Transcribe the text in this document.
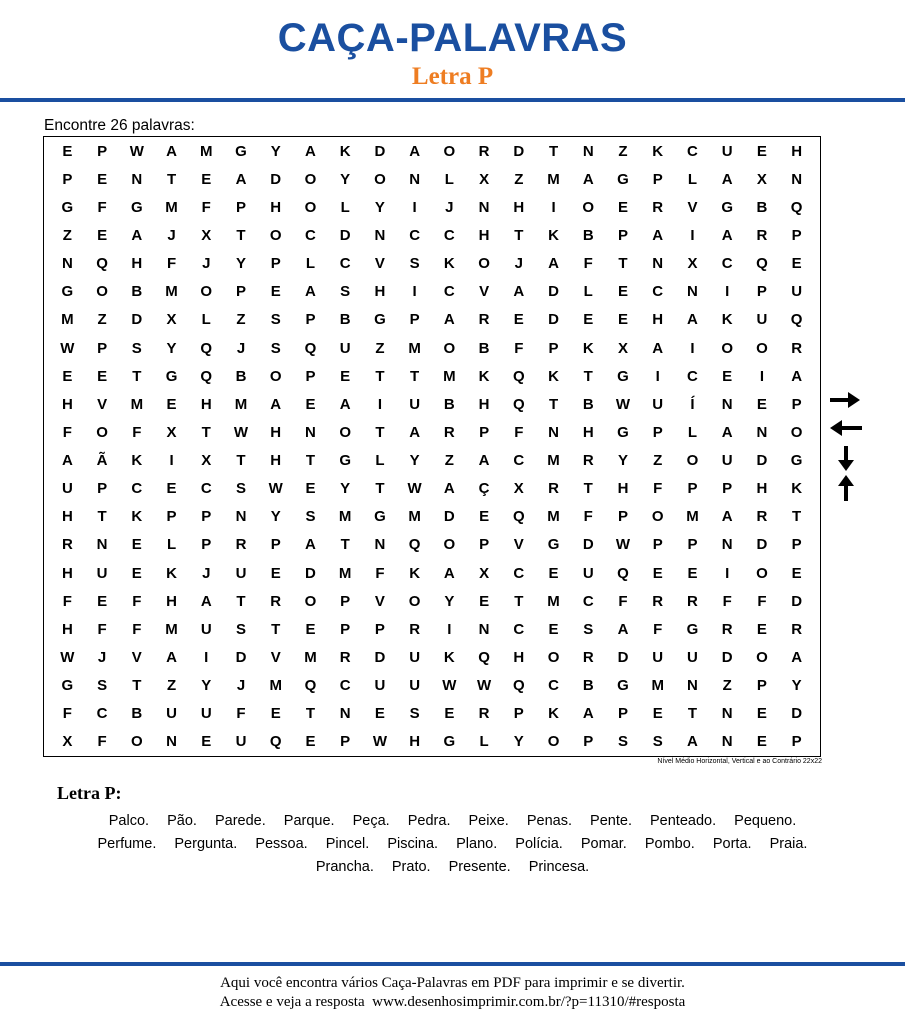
CAÇA-PALAVRAS
Letra P
Encontre 26 palavras:
E	P	W	A	M	G	Y	A	K	D	A	O	R	D	T	N	Z	K	C	U	E	H
P	E	N	T	E	A	D	O	Y	O	N	L	X	Z	M	A	G	P	L	A	X	N
G	F	G	M	F	P	H	O	L	Y	I	J	N	H	I	O	E	R	V	G	B	Q
Z	E	A	J	X	T	O	C	D	N	C	C	H	T	K	B	P	A	I	A	R	P
N	Q	H	F	J	Y	P	L	C	V	S	K	O	J	A	F	T	N	X	C	Q	E
G	O	B	M	O	P	E	A	S	H	I	C	V	A	D	L	E	C	N	I	P	U
M	Z	D	X	L	Z	S	P	B	G	P	A	R	E	D	E	E	H	A	K	U	Q
W	P	S	Y	Q	J	S	Q	U	Z	M	O	B	F	P	K	X	A	I	O	O	R
E	E	T	G	Q	B	O	P	E	T	T	M	K	Q	K	T	G	I	C	E	I	A
H	V	M	E	H	M	A	E	A	I	U	B	H	Q	T	B	W	U	Í	N	E	P
F	O	F	X	T	W	H	N	O	T	A	R	P	F	N	H	G	P	L	A	N	O
A	Ã	K	I	X	T	H	T	G	L	Y	Z	A	C	M	R	Y	Z	O	U	D	G
U	P	C	E	C	S	W	E	Y	T	W	A	Ç	X	R	T	H	F	P	P	H	K
H	T	K	P	P	N	Y	S	M	G	M	D	E	Q	M	F	P	O	M	A	R	T
R	N	E	L	P	R	P	A	T	N	Q	O	P	V	G	D	W	P	P	N	D	P
H	U	E	K	J	U	E	D	M	F	K	A	X	C	E	U	Q	E	E	I	O	E
F	E	F	H	A	T	R	O	P	V	O	Y	E	T	M	C	F	R	R	F	F	D
H	F	F	M	U	S	T	E	P	P	R	I	N	C	E	S	A	F	G	R	E	R
W	J	V	A	I	D	V	M	R	D	U	K	Q	H	O	R	D	U	U	D	O	A
G	S	T	Z	Y	J	M	Q	C	U	U	W	W	Q	C	B	G	M	N	Z	P	Y
F	C	B	U	U	F	E	T	N	E	S	E	R	P	K	A	P	E	T	N	E	D
X	F	O	N	E	U	Q	E	P	W	H	G	L	Y	O	P	S	S	A	N	E	P
Nível Médio Horizontal, Vertical e ao Contrário 22x22
Letra P:
Palco. Pão. Parede. Parque. Peça. Pedra. Peixe. Penas. Pente. Penteado. Pequeno. Perfume. Pergunta. Pessoa. Pincel. Piscina. Plano. Polícia. Pomar. Pombo. Porta. Praia. Prancha. Prato. Presente. Princesa.
Aqui você encontra vários Caça-Palavras em PDF para imprimir e se divertir.
Acesse e veja a resposta  www.desenhosimprimir.com.br/?p=11310/#resposta
